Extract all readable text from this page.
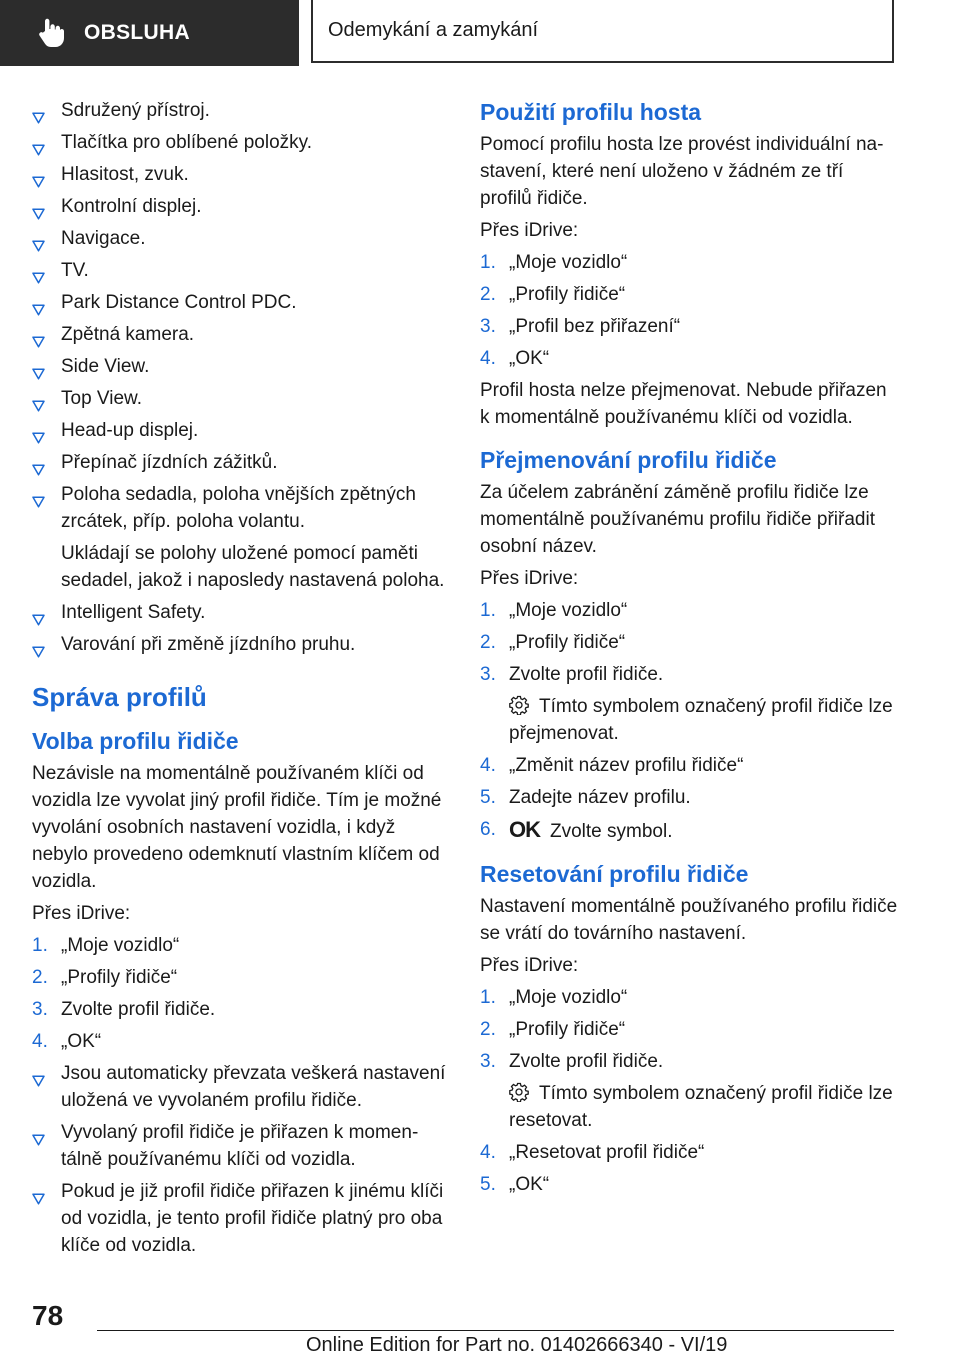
OBSLUHA	Odemykání a zamykání
Sdružený přístroj.
Tlačítka pro oblíbené položky.
Hlasitost, zvuk.
Kontrolní displej.
Navigace.
TV.
Park Distance Control PDC.
Zpětná kamera.
Side View.
Top View.
Head-up displej.
Přepínač jízdních zážitků.
Poloha sedadla, poloha vnějších zpětných zrcátek, příp. poloha volantu.
Ukládají se polohy uložené pomocí paměti sedadel, jakož i naposledy nastavená poloha.
Intelligent Safety.
Varování při změně jízdního pruhu.
Správa profilů
Volba profilu řidiče
Nezávisle na momentálně používaném klíči od vozidla lze vyvolat jiný profil řidiče. Tím je možné vyvolání osobních nastavení vozidla, i když nebylo provedeno odemknutí vlastním klíčem od vozidla.
Přes iDrive:
1. „Moje vozidlo“
2. „Profily řidiče“
3. Zvolte profil řidiče.
4. „OK“
Jsou automaticky převzata veškerá nastavení uložená ve vyvolaném profilu řidiče.
Vyvolaný profil řidiče je přiřazen k momentálně používanému klíči od vozidla.
Pokud je již profil řidiče přiřazen k jinému klíči od vozidla, je tento profil řidiče platný pro oba klíče od vozidla.
Použití profilu hosta
Pomocí profilu hosta lze provést individuální nastavení, které není uloženo v žádném ze tří profilů řidiče.
Přes iDrive:
1. „Moje vozidlo“
2. „Profily řidiče“
3. „Profil bez přiřazení“
4. „OK“
Profil hosta nelze přejmenovat. Nebude přiřazen k momentálně používanému klíči od vozidla.
Přejmenování profilu řidiče
Za účelem zabránění záměně profilu řidiče lze momentálně používanému profilu řidiče přiřadit osobní název.
Přes iDrive:
1. „Moje vozidlo“
2. „Profily řidiče“
3. Zvolte profil řidiče.
Tímto symbolem označený profil řidiče lze přejmenovat.
4. „Změnit název profilu řidiče“
5. Zadejte název profilu.
6. OK Zvolte symbol.
Resetování profilu řidiče
Nastavení momentálně používaného profilu řidiče se vrátí do továrního nastavení.
Přes iDrive:
1. „Moje vozidlo“
2. „Profily řidiče“
3. Zvolte profil řidiče.
Tímto symbolem označený profil řidiče lze resetovat.
4. „Resetovat profil řidiče“
5. „OK“
78
Online Edition for Part no. 01402666340 - VI/19
